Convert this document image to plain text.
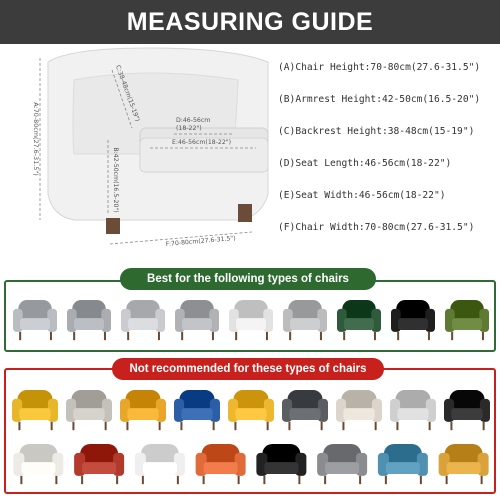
MEASURING GUIDE
A:70-80cm(27.6-31.5")
C:38-48cm(15-19")
B:42-50cm(16.5-20")
D:46-56cm
(18-22")
E:46-56cm(18-22")
F:70-80cm(27.6-31.5")
(A)Chair Height:70-80cm(27.6-31.5")
(B)Armrest Height:42-50cm(16.5-20")
(C)Backrest Height:38-48cm(15-19")
(D)Seat Length:46-56cm(18-22")
(E)Seat Width:46-56cm(18-22")
(F)Chair Width:70-80cm(27.6-31.5")
Best for the following types of chairs
Not recommended for these types of chairs
